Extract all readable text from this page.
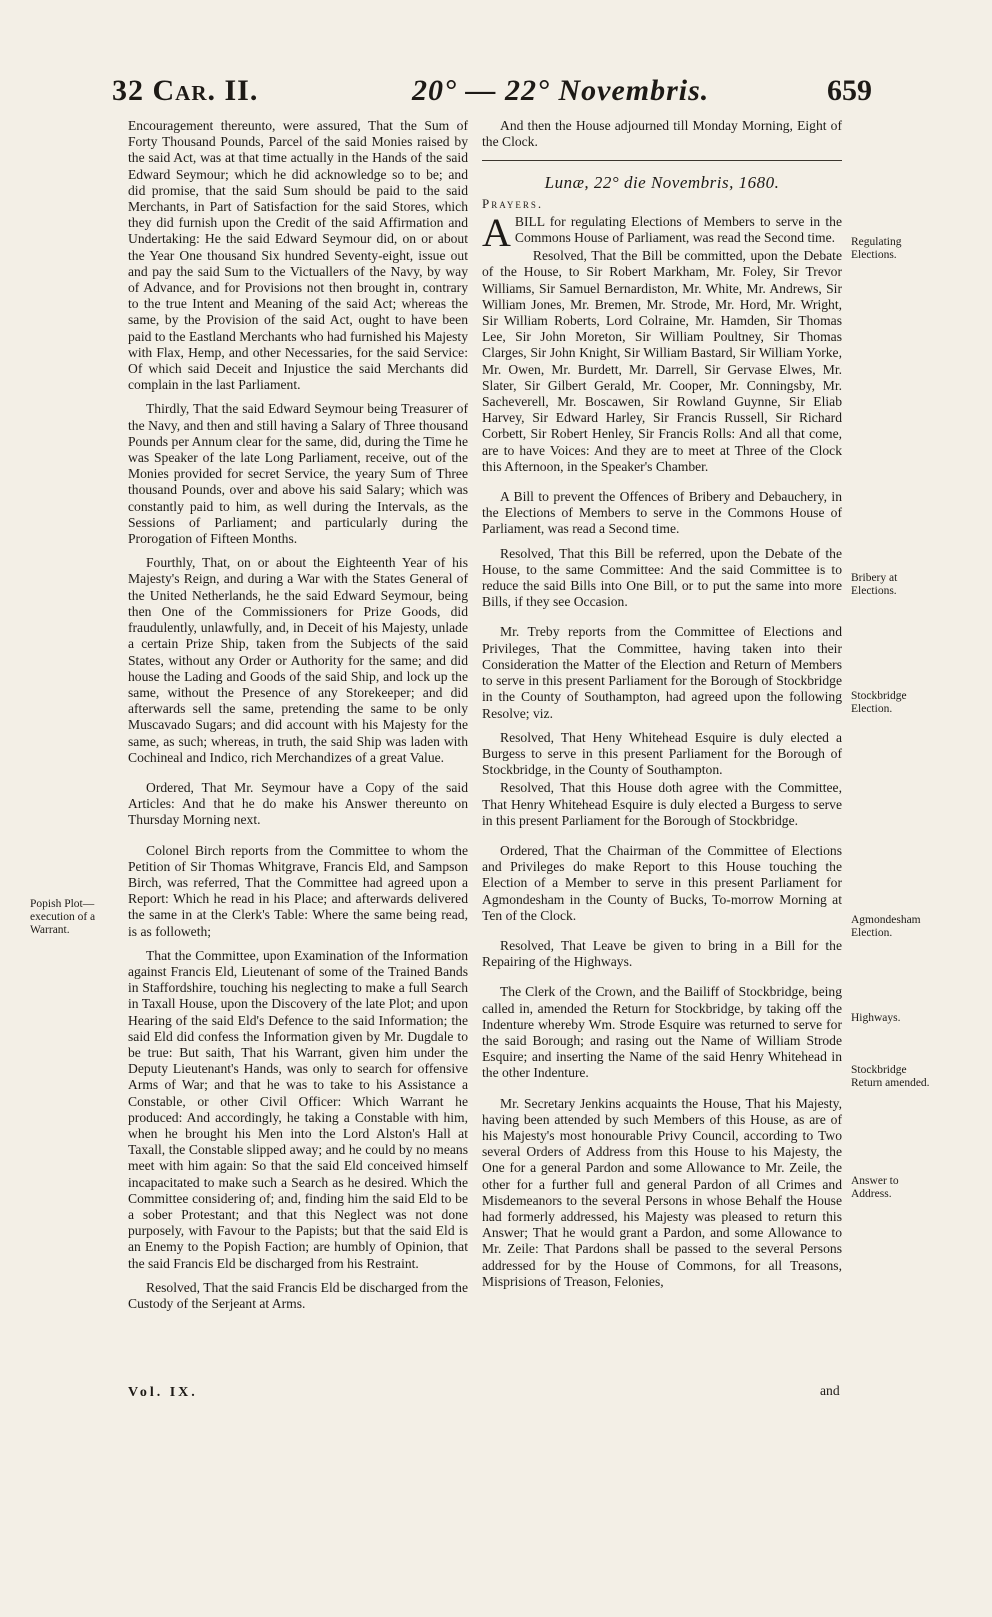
32 Car. II.	20° — 22° Novembris.	659

Encouragement thereunto, were assured, That the Sum of Forty Thousand Pounds, Parcel of the said Monies raised by the said Act, was at that time actually in the Hands of the said Edward Seymour; which he did acknowledge so to be; and did promise, that the said Sum should be paid to the said Merchants, in Part of Satisfaction for the said Stores, which they did furnish upon the Credit of the said Affirmation and Undertaking: He the said Edward Seymour did, on or about the Year One thousand Six hundred Seventy-eight, issue out and pay the said Sum to the Victuallers of the Navy, by way of Advance, and for Provisions not then brought in, contrary to the true Intent and Meaning of the said Act; whereas the same, by the Provision of the said Act, ought to have been paid to the Eastland Merchants who had furnished his Majesty with Flax, Hemp, and other Necessaries, for the said Service: Of which said Deceit and Injustice the said Merchants did complain in the last Parliament.

Thirdly, That the said Edward Seymour being Treasurer of the Navy, and then and still having a Salary of Three thousand Pounds per Annum clear for the same, did, during the Time he was Speaker of the late Long Parliament, receive, out of the Monies provided for secret Service, the yeary Sum of Three thousand Pounds, over and above his said Salary; which was constantly paid to him, as well during the Intervals, as the Sessions of Parliament; and particularly during the Prorogation of Fifteen Months.

Fourthly, That, on or about the Eighteenth Year of his Majesty's Reign, and during a War with the States General of the United Netherlands, he the said Edward Seymour, being then One of the Commissioners for Prize Goods, did fraudulently, unlawfully, and, in Deceit of his Majesty, unlade a certain Prize Ship, taken from the Subjects of the said States, without any Order or Authority for the same; and did house the Lading and Goods of the said Ship, and lock up the same, without the Presence of any Storekeeper; and did afterwards sell the same, pretending the same to be only Muscavado Sugars; and did account with his Majesty for the same, as such; whereas, in truth, the said Ship was laden with Cochineal and Indico, rich Merchandizes of a great Value.

Ordered, That Mr. Seymour have a Copy of the said Articles: And that he do make his Answer thereunto on Thursday Morning next.

Colonel Birch reports from the Committee to whom the Petition of Sir Thomas Whitgrave, Francis Eld, and Sampson Birch, was referred, That the Committee had agreed upon a Report: Which he read in his Place; and afterwards delivered the same in at the Clerk's Table: Where the same being read, is as followeth;

That the Committee, upon Examination of the Information against Francis Eld, Lieutenant of some of the Trained Bands in Staffordshire, touching his neglecting to make a full Search in Taxall House, upon the Discovery of the late Plot; and upon Hearing of the said Eld's Defence to the said Information; the said Eld did confess the Information given by Mr. Dugdale to be true: But saith, That his Warrant, given him under the Deputy Lieutenant's Hands, was only to search for offensive Arms of War; and that he was to take to his Assistance a Constable, or other Civil Officer: Which Warrant he produced: And accordingly, he taking a Constable with him, when he brought his Men into the Lord Alston's Hall at Taxall, the Constable slipped away; and he could by no means meet with him again: So that the said Eld conceived himself incapacitated to make such a Search as he desired. Which the Committee considering of; and, finding him the said Eld to be a sober Protestant; and that this Neglect was not done purposely, with Favour to the Papists; but that the said Eld is an Enemy to the Popish Faction; are humbly of Opinion, that the said Francis Eld be discharged from his Restraint.

Resolved, That the said Francis Eld be discharged from the Custody of the Serjeant at Arms.

And then the House adjourned till Monday Morning, Eight of the Clock.

Lunæ, 22° die Novembris, 1680.
Prayers.

ABILL for regulating Elections of Members to serve in the Commons House of Parliament, was read the Second time.

Resolved, That the Bill be committed, upon the Debate of the House, to Sir Robert Markham, Mr. Foley, Sir Trevor Williams, Sir Samuel Bernardiston, Mr. White, Mr. Andrews, Sir William Jones, Mr. Bremen, Mr. Strode, Mr. Hord, Mr. Wright, Sir William Roberts, Lord Colraine, Mr. Hamden, Sir Thomas Lee, Sir John Moreton, Sir William Poultney, Sir Thomas Clarges, Sir John Knight, Sir William Bastard, Sir William Yorke, Mr. Owen, Mr. Burdett, Mr. Darrell, Sir Gervase Elwes, Mr. Slater, Sir Gilbert Gerald, Mr. Cooper, Mr. Conningsby, Mr. Sacheverell, Mr. Boscawen, Sir Rowland Guynne, Sir Eliab Harvey, Sir Edward Harley, Sir Francis Russell, Sir Richard Corbett, Sir Robert Henley, Sir Francis Rolls: And all that come, are to have Voices: And they are to meet at Three of the Clock this Afternoon, in the Speaker's Chamber.

A Bill to prevent the Offences of Bribery and Debauchery, in the Elections of Members to serve in the Commons House of Parliament, was read a Second time.

Resolved, That this Bill be referred, upon the Debate of the House, to the same Committee: And the said Committee is to reduce the said Bills into One Bill, or to put the same into more Bills, if they see Occasion.

Mr. Treby reports from the Committee of Elections and Privileges, That the Committee, having taken into their Consideration the Matter of the Election and Return of Members to serve in this present Parliament for the Borough of Stockbridge in the County of Southampton, had agreed upon the following Resolve; viz.

Resolved, That Heny Whitehead Esquire is duly elected a Burgess to serve in this present Parliament for the Borough of Stockbridge, in the County of Southampton.

Resolved, That this House doth agree with the Committee, That Henry Whitehead Esquire is duly elected a Burgess to serve in this present Parliament for the Borough of Stockbridge.

Ordered, That the Chairman of the Committee of Elections and Privileges do make Report to this House touching the Election of a Member to serve in this present Parliament for Agmondesham in the County of Bucks, To-morrow Morning at Ten of the Clock.

Resolved, That Leave be given to bring in a Bill for the Repairing of the Highways.

The Clerk of the Crown, and the Bailiff of Stockbridge, being called in, amended the Return for Stockbridge, by taking off the Indenture whereby Wm. Strode Esquire was returned to serve for the said Borough; and rasing out the Name of William Strode Esquire; and inserting the Name of the said Henry Whitehead in the other Indenture.

Mr. Secretary Jenkins acquaints the House, That his Majesty, having been attended by such Members of this House, as are of his Majesty's most honourable Privy Council, according to Two several Orders of Address from this House to his Majesty, the One for a general Pardon and some Allowance to Mr. Zeile, the other for a further full and general Pardon of all Crimes and Misdemeanors to the several Persons in whose Behalf the House had formerly addressed, his Majesty was pleased to return this Answer; That he would grant a Pardon, and some Allowance to Mr. Zeile: That Pardons shall be passed to the several Persons addressed for by the House of Commons, for all Treasons, Misprisions of Treason, Felonies,

Popish Plot—execution of a Warrant.
Regulating Elections.
Bribery at Elections.
Stockbridge Election.
Agmondesham Election.
Highways.
Stockbridge Return amended.
Answer to Address.
Vol. IX.	and
